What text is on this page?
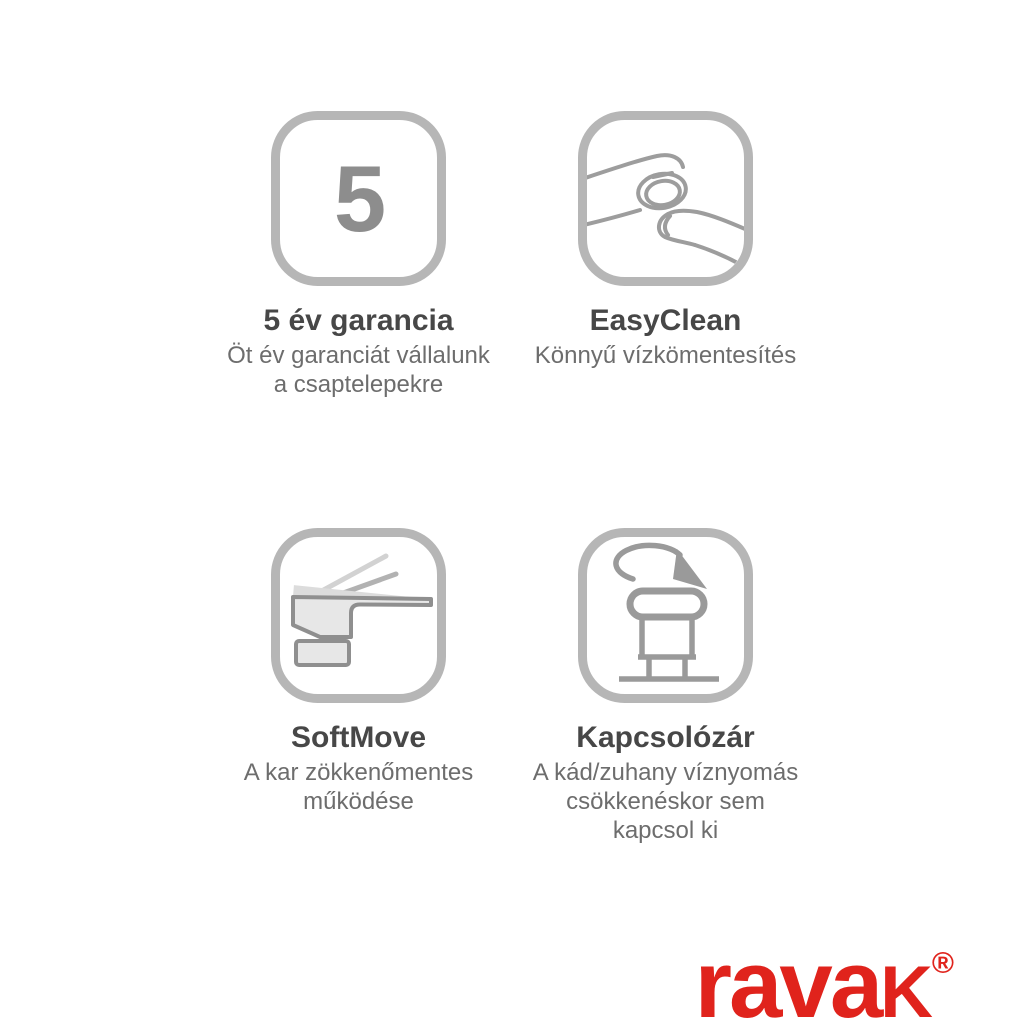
5
5 év garancia
Öt év garanciát vállalunk
a csaptelepekre
EasyClean
Könnyű vízkömentesítés
SoftMove
A kar zökkenőmentes
működése
Kapcsolózár
A kád/zuhany víznyomás
csökkenéskor sem
kapcsol ki
ravaK®
